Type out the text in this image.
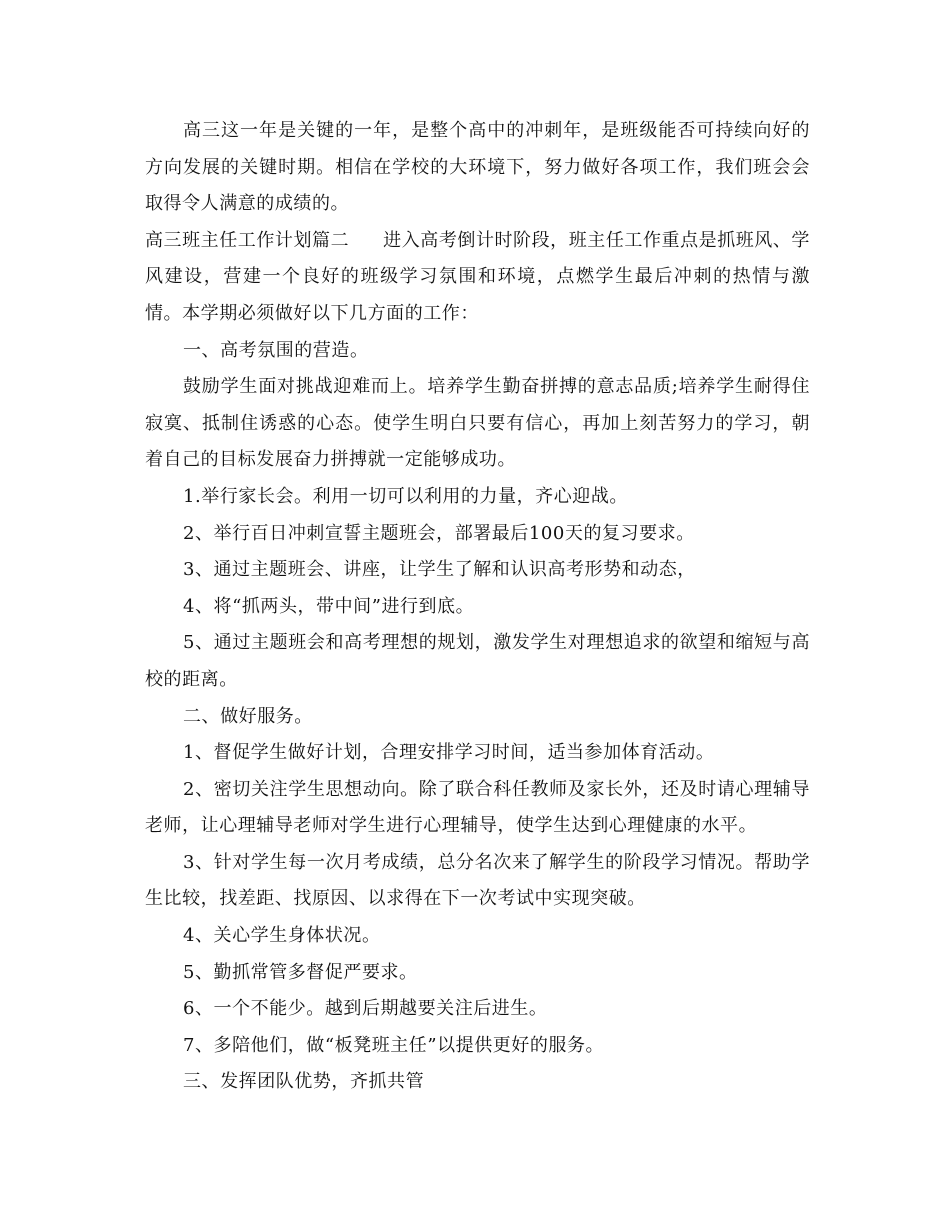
高三这一年是关键的一年，是整个高中的冲刺年，是班级能否可持续向好的方向发展的关键时期。相信在学校的大环境下，努力做好各项工作，我们班会会取得令人满意的成绩的。

高三班主任工作计划篇二 进入高考倒计时阶段，班主任工作重点是抓班风、学风建设，营建一个良好的班级学习氛围和环境，点燃学生最后冲刺的热情与激情。本学期必须做好以下几方面的工作：

一、高考氛围的营造。

鼓励学生面对挑战迎难而上。培养学生勤奋拼搏的意志品质;培养学生耐得住寂寞、抵制住诱惑的心态。使学生明白只要有信心，再加上刻苦努力的学习，朝着自己的目标发展奋力拼搏就一定能够成功。

1.举行家长会。利用一切可以利用的力量，齐心迎战。

2、举行百日冲刺宣誓主题班会，部署最后100天的复习要求。

3、通过主题班会、讲座，让学生了解和认识高考形势和动态，

4、将“抓两头，带中间”进行到底。

5、通过主题班会和高考理想的规划，激发学生对理想追求的欲望和缩短与高校的距离。

二、做好服务。

1、督促学生做好计划，合理安排学习时间，适当参加体育活动。

2、密切关注学生思想动向。除了联合科任教师及家长外，还及时请心理辅导老师，让心理辅导老师对学生进行心理辅导，使学生达到心理健康的水平。

3、针对学生每一次月考成绩，总分名次来了解学生的阶段学习情况。帮助学生比较，找差距、找原因、以求得在下一次考试中实现突破。

4、关心学生身体状况。

5、勤抓常管多督促严要求。

6、一个不能少。越到后期越要关注后进生。

7、多陪他们，做“板凳班主任”以提供更好的服务。

三、发挥团队优势，齐抓共管
